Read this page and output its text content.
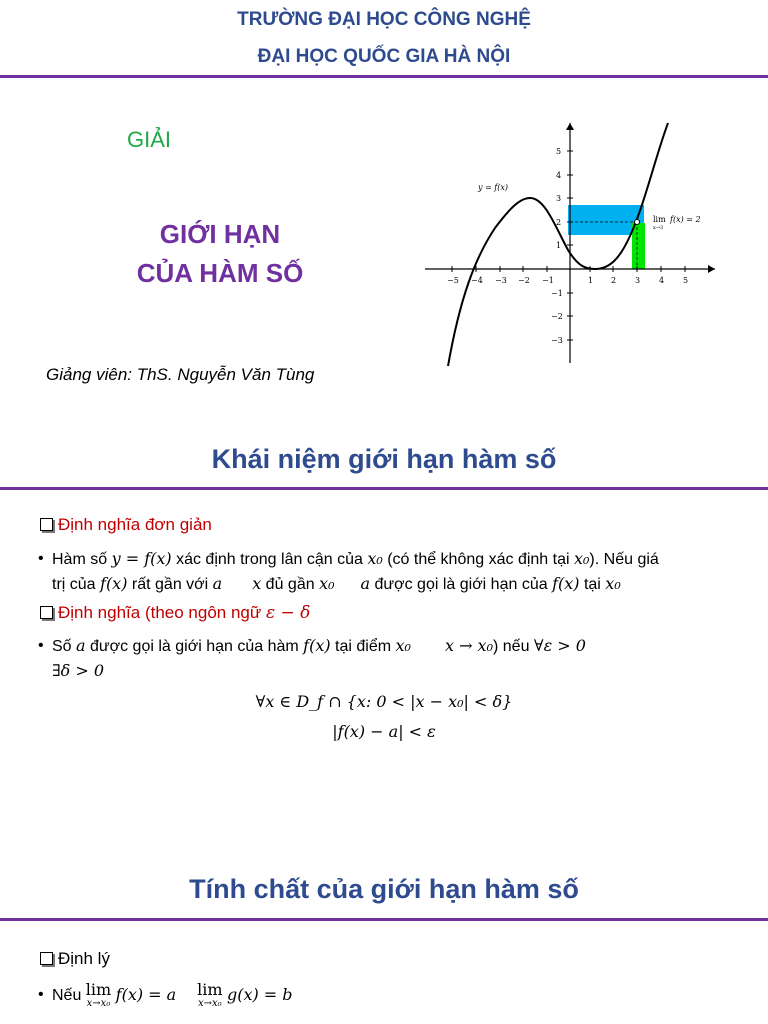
TRƯỜNG ĐẠI HỌC CÔNG NGHỆ
ĐẠI HỌC QUỐC GIA HÀ NỘI
GIẢI
GIỚI HẠN
CỦA HÀM SỐ
Giảng viên: ThS. Nguyễn Văn Tùng
−5 −4 −3 −2 −1	1 2 3 4 5
5
4
3
2
1
−1
−2
−3
y = f(x)
lim
x→3
f(x) = 2
Khái niệm giới hạn hàm số
Định nghĩa đơn giản
• Hàm số y = f(x) xác định trong lân cận của x₀ (có thể không xác định tại x₀). Nếu giá
trị của f(x) rất gần với a x đủ gần x₀ a được gọi là giới hạn của f(x) tại x₀
Định nghĩa (theo ngôn ngữ ε − δ
• Số a được gọi là giới hạn của hàm f(x) tại điểm x₀ x → x₀) nếu ∀ε > 0
∃δ > 0
∀x ∈ D_f ∩ {x: 0 < |x − x₀| < δ}
|f(x) − a| < ε
Tính chất của giới hạn hàm số
Định lý
• Nếu lim
x→x₀ f(x) = a lim
x→x₀ g(x) = b
